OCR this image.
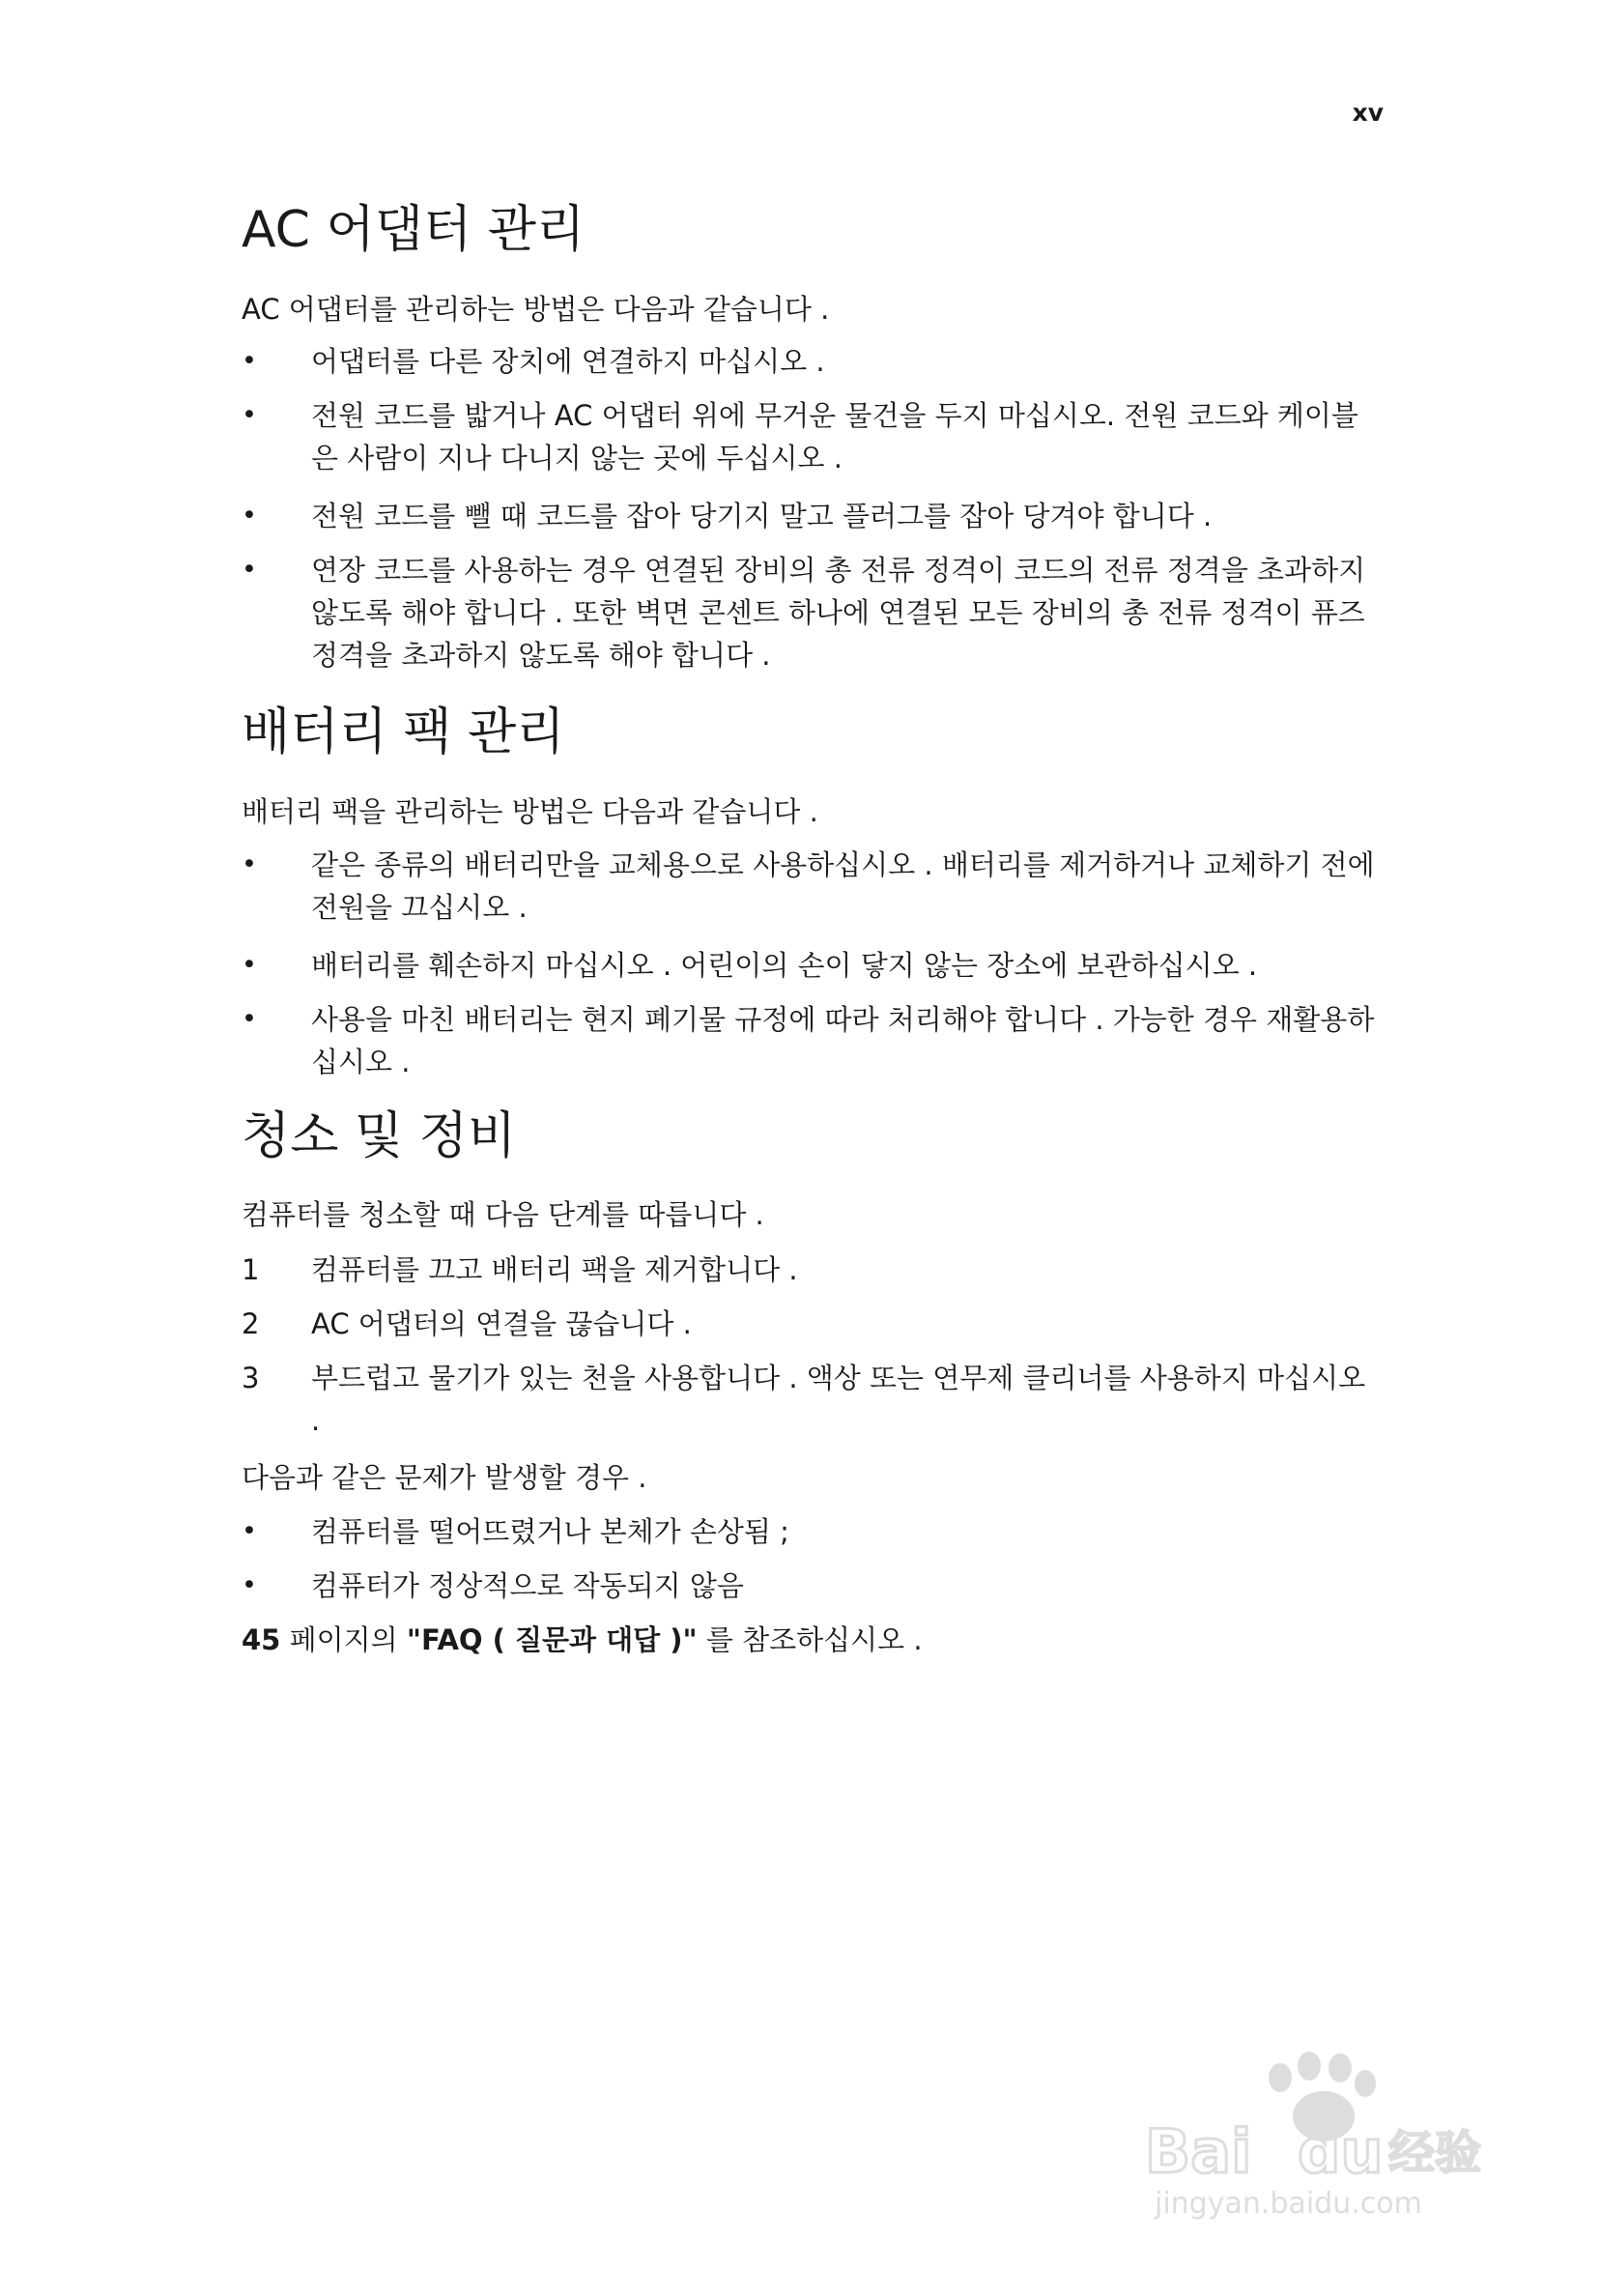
xv
AC 어댑터 관리

AC 어댑터를 관리하는 방법은 다음과 같습니다 .

•	어댑터를 다른 장치에 연결하지 마십시오 .
•	전원 코드를 밟거나 AC 어댑터 위에 무거운 물건을 두지 마십시오. 전원 코드와 케이블은 사람이 지나 다니지 않는 곳에 두십시오 .
•	전원 코드를 뺄 때 코드를 잡아 당기지 말고 플러그를 잡아 당겨야 합니다 .
•	연장 코드를 사용하는 경우 연결된 장비의 총 전류 정격이 코드의 전류 정격을 초과하지 않도록 해야 합니다 . 또한 벽면 콘센트 하나에 연결된 모든 장비의 총 전류 정격이 퓨즈 정격을 초과하지 않도록 해야 합니다 .
배터리 팩 관리

배터리 팩을 관리하는 방법은 다음과 같습니다 .

•	같은 종류의 배터리만을 교체용으로 사용하십시오 . 배터리를 제거하거나 교체하기 전에 전원을 끄십시오 .
•	배터리를 훼손하지 마십시오 . 어린이의 손이 닿지 않는 장소에 보관하십시오 .
•	사용을 마친 배터리는 현지 폐기물 규정에 따라 처리해야 합니다 . 가능한 경우 재활용하십시오 .
청소 및 정비

컴퓨터를 청소할 때 다음 단계를 따릅니다 .

1	컴퓨터를 끄고 배터리 팩을 제거합니다 .
2	AC 어댑터의 연결을 끊습니다 .
3	부드럽고 물기가 있는 천을 사용합니다 . 액상 또는 연무제 클리너를 사용하지 마십시오 .

다음과 같은 문제가 발생할 경우 .

•	컴퓨터를 떨어뜨렸거나 본체가 손상됨 ;
•	컴퓨터가 정상적으로 작동되지 않음

45 페이지의 "FAQ ( 질문과 대답 )" 를 참조하십시오 .

Bai du 经验
jingyan.baidu.com
